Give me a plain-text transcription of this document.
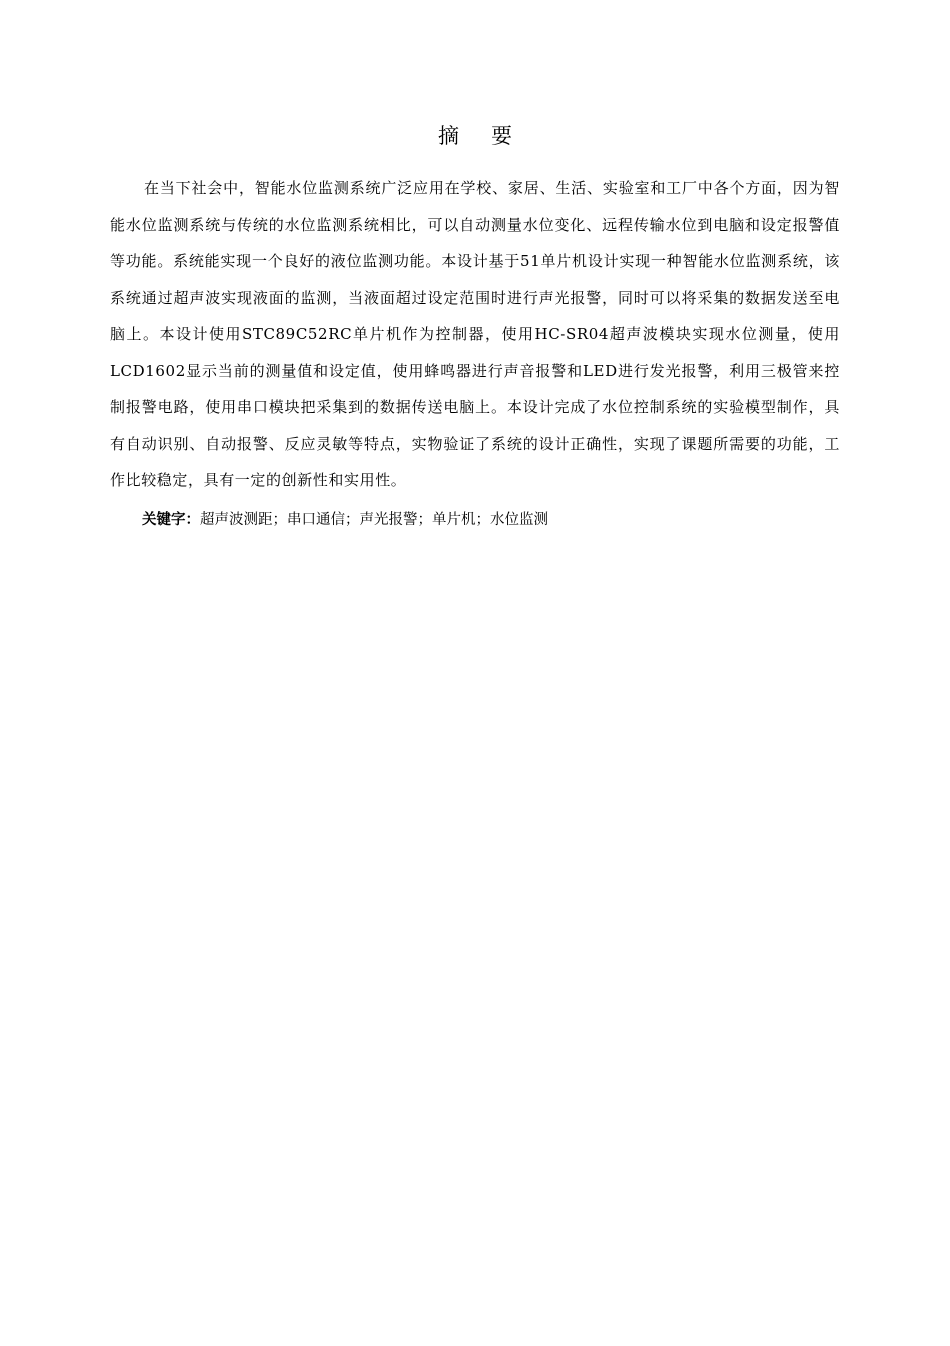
摘要

在当下社会中，智能水位监测系统广泛应用在学校、家居、生活、实验室和工厂中各个方面，因为智能水位监测系统与传统的水位监测系统相比，可以自动测量水位变化、远程传输水位到电脑和设定报警值等功能。系统能实现一个良好的液位监测功能。本设计基于51单片机设计实现一种智能水位监测系统，该系统通过超声波实现液面的监测，当液面超过设定范围时进行声光报警，同时可以将采集的数据发送至电脑上。本设计使用STC89C52RC单片机作为控制器，使用HC-SR04超声波模块实现水位测量，使用LCD1602显示当前的测量值和设定值，使用蜂鸣器进行声音报警和LED进行发光报警，利用三极管来控制报警电路，使用串口模块把采集到的数据传送电脑上。本设计完成了水位控制系统的实验模型制作，具有自动识别、自动报警、反应灵敏等特点，实物验证了系统的设计正确性，实现了课题所需要的功能，工作比较稳定，具有一定的创新性和实用性。

关键字：超声波测距；串口通信；声光报警；单片机；水位监测
